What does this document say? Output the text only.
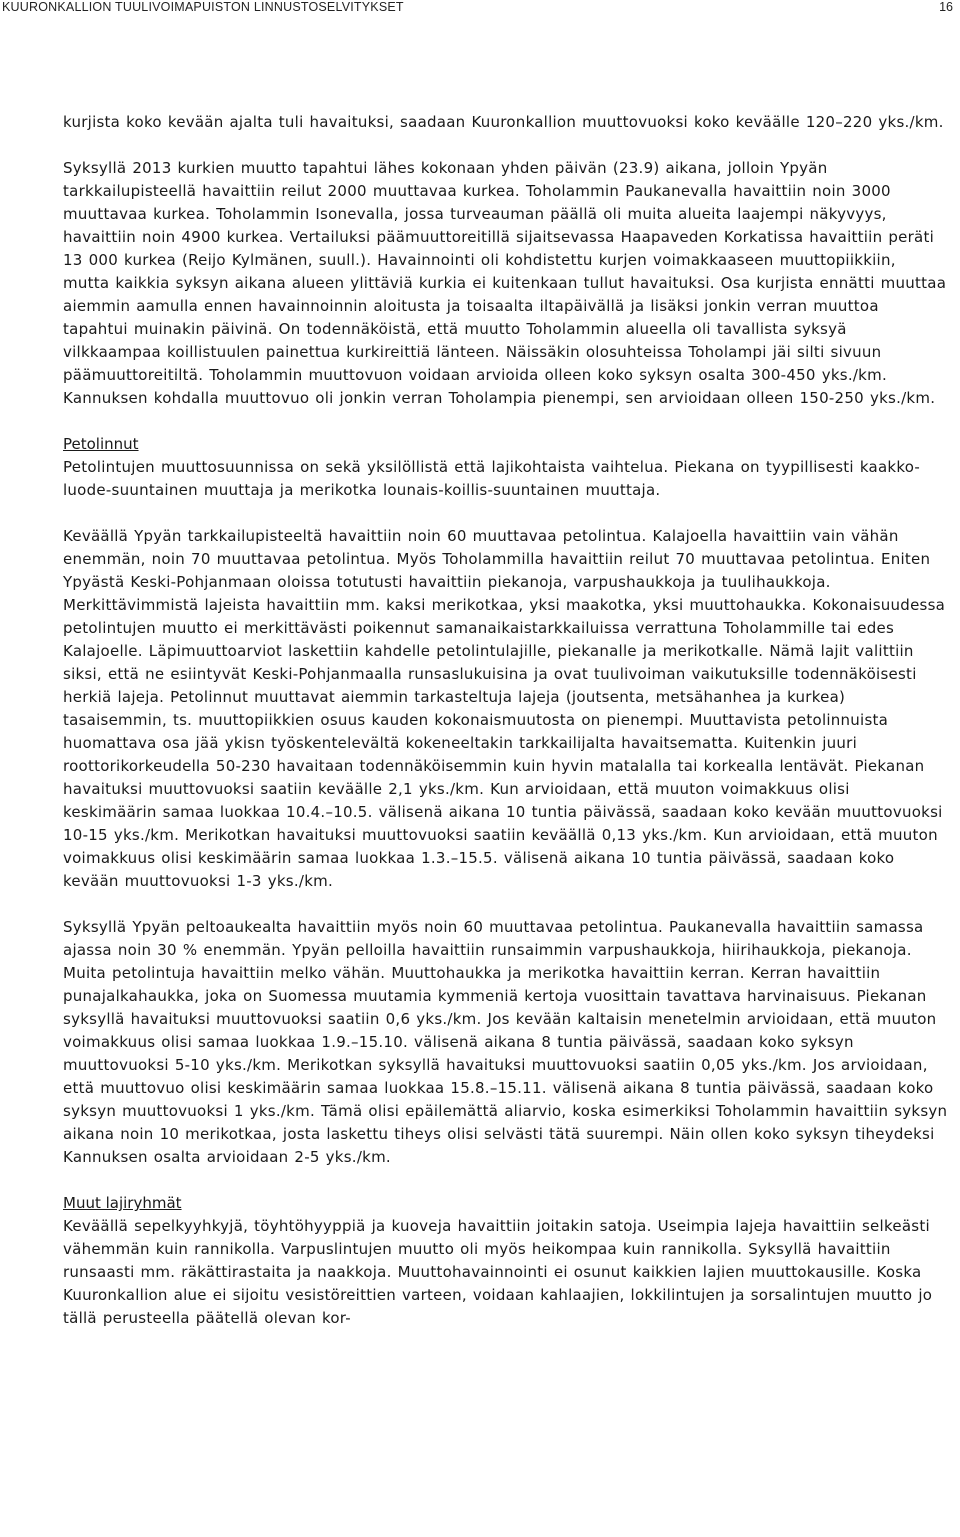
KUURONKALLION TUULIVOIMAPUISTON LINNUSTOSELVITYKSET	16

kurjista koko kevään ajalta tuli havaituksi, saadaan Kuuronkallion muuttovuoksi koko keväälle 120–220 yks./km.

Syksyllä 2013 kurkien muutto tapahtui lähes kokonaan yhden päivän (23.9) aikana, jolloin Ypyän tarkkailupisteellä havaittiin reilut 2000 muuttavaa kurkea. Toholammin Paukanevalla havaittiin noin 3000 muuttavaa kurkea. Toholammin Isonevalla, jossa turveauman päällä oli muita alueita laajempi näkyvyys, havaittiin noin 4900 kurkea. Vertailuksi päämuuttoreitillä sijaitsevassa Haapaveden Korkatissa havaittiin peräti 13 000 kurkea (Reijo Kylmänen, suull.). Havainnointi oli kohdistettu kurjen voimakkaaseen muuttopiikkiin, mutta kaikkia syksyn aikana alueen ylittäviä kurkia ei kuitenkaan tullut havaituksi. Osa kurjista ennätti muuttaa aiemmin aamulla ennen havainnoinnin aloitusta ja toisaalta iltapäivällä ja lisäksi jonkin verran muuttoa tapahtui muinakin päivinä. On todennäköistä, että muutto Toholammin alueella oli tavallista syksyä vilkkaampaa koillistuulen painettua kurkireittiä länteen. Näissäkin olosuhteissa Toholampi jäi silti sivuun päämuuttoreitiltä. Toholammin muuttovuon voidaan arvioida olleen koko syksyn osalta 300-450 yks./km. Kannuksen kohdalla muuttovuo oli jonkin verran Toholampia pienempi, sen arvioidaan olleen 150-250 yks./km.

Petolinnut

Petolintujen muuttosuunnissa on sekä yksilöllistä että lajikohtaista vaihtelua. Piekana on tyypillisesti kaakko-luode-suuntainen muuttaja ja merikotka lounais-koillis-suuntainen muuttaja.

Keväällä Ypyän tarkkailupisteeltä havaittiin noin 60 muuttavaa petolintua. Kalajoella havaittiin vain vähän enemmän, noin 70 muuttavaa petolintua. Myös Toholammilla havaittiin reilut 70 muuttavaa petolintua. Eniten Ypyästä Keski-Pohjanmaan oloissa totutusti havaittiin piekanoja, varpushaukkoja ja tuulihaukkoja. Merkittävimmistä lajeista havaittiin mm. kaksi merikotkaa, yksi maakotka, yksi muuttohaukka. Kokonaisuudessa petolintujen muutto ei merkittävästi poikennut samanaikaistarkkailuissa verrattuna Toholammille tai edes Kalajoelle. Läpimuuttoarviot laskettiin kahdelle petolintulajille, piekanalle ja merikotkalle. Nämä lajit valittiin siksi, että ne esiintyvät Keski-Pohjanmaalla runsaslukuisina ja ovat tuulivoiman vaikutuksille todennäköisesti herkiä lajeja. Petolinnut muuttavat aiemmin tarkasteltuja lajeja (joutsenta, metsähanhea ja kurkea) tasaisemmin, ts. muuttopiikkien osuus kauden kokonaismuutosta on pienempi. Muuttavista petolinnuista huomattava osa jää ykisn työskentelevältä kokeneeltakin tarkkailijalta havaitsematta. Kuitenkin juuri roottorikorkeudella 50-230 havaitaan todennäköisemmin kuin hyvin matalalla tai korkealla lentävät. Piekanan havaituksi muuttovuoksi saatiin keväälle 2,1 yks./km. Kun arvioidaan, että muuton voimakkuus olisi keskimäärin samaa luokkaa 10.4.–10.5. välisenä aikana 10 tuntia päivässä, saadaan koko kevään muuttovuoksi 10-15 yks./km. Merikotkan havaituksi muuttovuoksi saatiin keväällä 0,13 yks./km. Kun arvioidaan, että muuton voimakkuus olisi keskimäärin samaa luokkaa 1.3.–15.5. välisenä aikana 10 tuntia päivässä, saadaan koko kevään muuttovuoksi 1-3 yks./km.

Syksyllä Ypyän peltoaukealta havaittiin myös noin 60 muuttavaa petolintua. Paukanevalla havaittiin samassa ajassa noin 30 % enemmän. Ypyän pelloilla havaittiin runsaimmin varpushaukkoja, hiirihaukkoja, piekanoja. Muita petolintuja havaittiin melko vähän. Muuttohaukka ja merikotka havaittiin kerran. Kerran havaittiin punajalkahaukka, joka on Suomessa muutamia kymmeniä kertoja vuosittain tavattava harvinaisuus. Piekanan syksyllä havaituksi muuttovuoksi saatiin 0,6 yks./km. Jos kevään kaltaisin menetelmin arvioidaan, että muuton voimakkuus olisi samaa luokkaa 1.9.–15.10. välisenä aikana 8 tuntia päivässä, saadaan koko syksyn muuttovuoksi 5-10 yks./km. Merikotkan syksyllä havaituksi muuttovuoksi saatiin 0,05 yks./km. Jos arvioidaan, että muuttovuo olisi keskimäärin samaa luokkaa 15.8.–15.11. välisenä aikana 8 tuntia päivässä, saadaan koko syksyn muuttovuoksi 1 yks./km. Tämä olisi epäilemättä aliarvio, koska esimerkiksi Toholammin havaittiin syksyn aikana noin 10 merikotkaa, josta laskettu tiheys olisi selvästi tätä suurempi. Näin ollen koko syksyn tiheydeksi Kannuksen osalta arvioidaan 2-5 yks./km.

Muut lajiryhmät

Keväällä sepelkyyhkyjä, töyhtöhyyppiä ja kuoveja havaittiin joitakin satoja. Useimpia lajeja havaittiin selkeästi vähemmän kuin rannikolla. Varpuslintujen muutto oli myös heikompaa kuin rannikolla. Syksyllä havaittiin runsaasti mm. räkättirastaita ja naakkoja. Muuttohavainnointi ei osunut kaikkien lajien muuttokausille. Koska Kuuronkallion alue ei sijoitu vesistöreittien varteen, voidaan kahlaajien, lokkilintujen ja sorsalintujen muutto jo tällä perusteella päätellä olevan kor-
